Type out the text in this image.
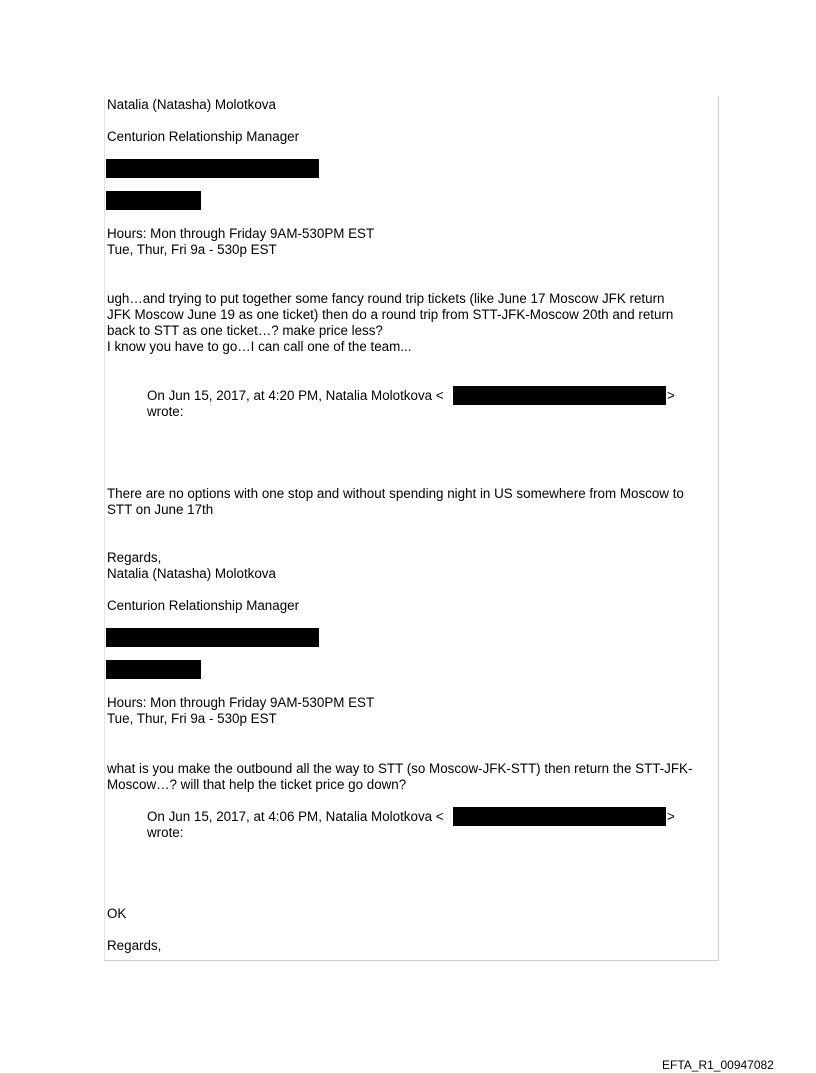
Natalia (Natasha) Molotkova

Centurion Relationship Manager

Hours: Mon through Friday 9AM-530PM EST

Tue, Thur, Fri 9a - 530p EST

ugh…and trying to put together some fancy round trip tickets (like June 17 Moscow JFK return

JFK Moscow June 19 as one ticket) then do a round trip from STT-JFK-Moscow 20th and return

back to STT as one ticket…? make price less?

I know you have to go…I can call one of the team...

On Jun 15, 2017, at 4:20 PM, Natalia Molotkova <	>

wrote:

There are no options with one stop and without spending night in US somewhere from Moscow to

STT on June 17th

Regards,

Natalia (Natasha) Molotkova

Centurion Relationship Manager

Hours: Mon through Friday 9AM-530PM EST

Tue, Thur, Fri 9a - 530p EST

what is you make the outbound all the way to STT (so Moscow-JFK-STT) then return the STT-JFK-

Moscow…? will that help the ticket price go down?

On Jun 15, 2017, at 4:06 PM, Natalia Molotkova <	>

wrote:

OK

Regards,

EFTA_R1_00947082
